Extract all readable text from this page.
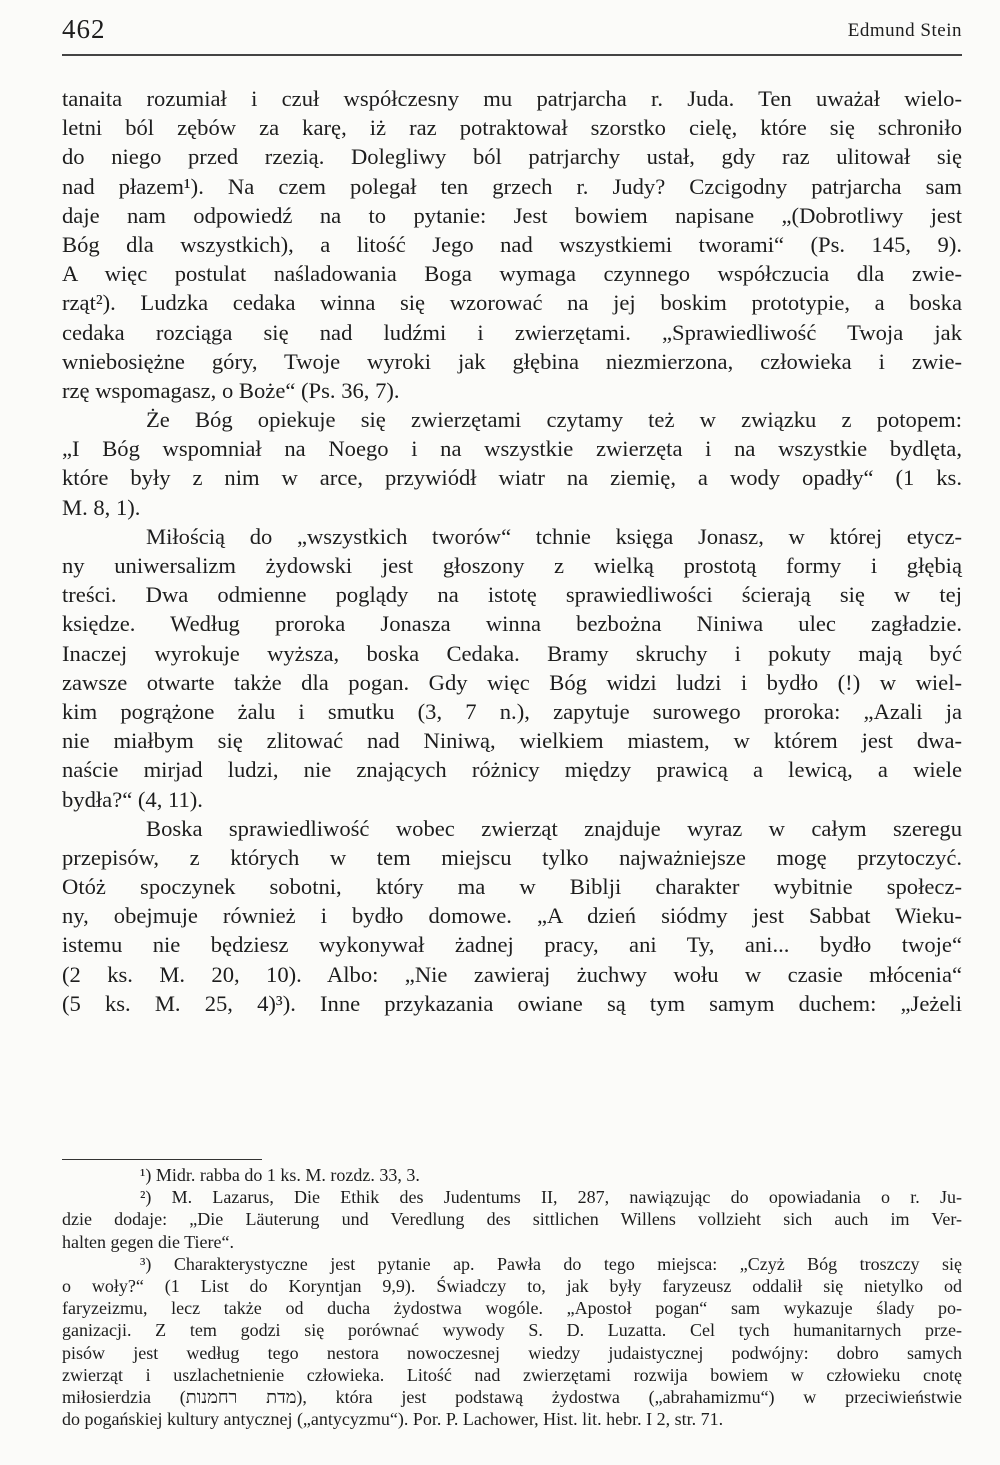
462	Edmund Stein
tanaita rozumiał i czuł współczesny mu patrjarcha r. Juda. Ten uważał wielo-
letni ból zębów za karę, iż raz potraktował szorstko cielę, które się schroniło
do niego przed rzezią. Dolegliwy ból patrjarchy ustał, gdy raz ulitował się
nad płazem¹). Na czem polegał ten grzech r. Judy? Czcigodny patrjarcha sam
daje nam odpowiedź na to pytanie: Jest bowiem napisane „(Dobrotliwy jest
Bóg dla wszystkich), a litość Jego nad wszystkiemi tworami“ (Ps. 145, 9).
A więc postulat naśladowania Boga wymaga czynnego współczucia dla zwie-
rząt²). Ludzka cedaka winna się wzorować na jej boskim prototypie, a boska
cedaka rozciąga się nad ludźmi i zwierzętami. „Sprawiedliwość Twoja jak
wniebosiężne góry, Twoje wyroki jak głębina niezmierzona, człowieka i zwie-
rzę wspomagasz, o Boże“ (Ps. 36, 7).
Że Bóg opiekuje się zwierzętami czytamy też w związku z potopem:
„I Bóg wspomniał na Noego i na wszystkie zwierzęta i na wszystkie bydlęta,
które były z nim w arce, przywiódł wiatr na ziemię, a wody opadły“ (1 ks.
M. 8, 1).
Miłością do „wszystkich tworów“ tchnie księga Jonasz, w której etycz-
ny uniwersalizm żydowski jest głoszony z wielką prostotą formy i głębią
treści. Dwa odmienne poglądy na istotę sprawiedliwości ścierają się w tej
księdze. Według proroka Jonasza winna bezbożna Niniwa ulec zagładzie.
Inaczej wyrokuje wyższa, boska Cedaka. Bramy skruchy i pokuty mają być
zawsze otwarte także dla pogan. Gdy więc Bóg widzi ludzi i bydło (!) w wiel-
kim pogrążone żalu i smutku (3, 7 n.), zapytuje surowego proroka: „Azali ja
nie miałbym się zlitować nad Niniwą, wielkiem miastem, w którem jest dwa-
naście mirjad ludzi, nie znających różnicy między prawicą a lewicą, a wiele
bydła?“ (4, 11).
Boska sprawiedliwość wobec zwierząt znajduje wyraz w całym szeregu
przepisów, z których w tem miejscu tylko najważniejsze mogę przytoczyć.
Otóż spoczynek sobotni, który ma w Biblji charakter wybitnie społecz-
ny, obejmuje również i bydło domowe. „A dzień siódmy jest Sabbat Wieku-
istemu nie będziesz wykonywał żadnej pracy, ani Ty, ani... bydło twoje“
(2 ks. M. 20, 10). Albo: „Nie zawieraj żuchwy wołu w czasie młócenia“
(5 ks. M. 25, 4)³). Inne przykazania owiane są tym samym duchem: „Jeżeli
¹) Midr. rabba do 1 ks. M. rozdz. 33, 3.
²) M. Lazarus, Die Ethik des Judentums II, 287, nawiązując do opowiadania o r. Ju-
dzie dodaje: „Die Läuterung und Veredlung des sittlichen Willens vollzieht sich auch im Ver-
halten gegen die Tiere“.
³) Charakterystyczne jest pytanie ap. Pawła do tego miejsca: „Czyż Bóg troszczy się
o woły?“ (1 List do Koryntjan 9,9). Świadczy to, jak były faryzeusz oddalił się nietylko od
faryzeizmu, lecz także od ducha żydostwa wogóle. „Apostoł pogan“ sam wykazuje ślady po-
ganizacji. Z tem godzi się porównać wywody S. D. Luzatta. Cel tych humanitarnych prze-
pisów jest według tego nestora nowoczesnej wiedzy judaistycznej podwójny: dobro samych
zwierząt i uszlachetnienie człowieka. Litość nad zwierzętami rozwija bowiem w człowieku cnotę
miłosierdzia (מדת רחמנות), która jest podstawą żydostwa („abrahamizmu“) w przeciwieństwie
do pogańskiej kultury antycznej („antycyzmu“). Por. P. Lachower, Hist. lit. hebr. I 2, str. 71.
